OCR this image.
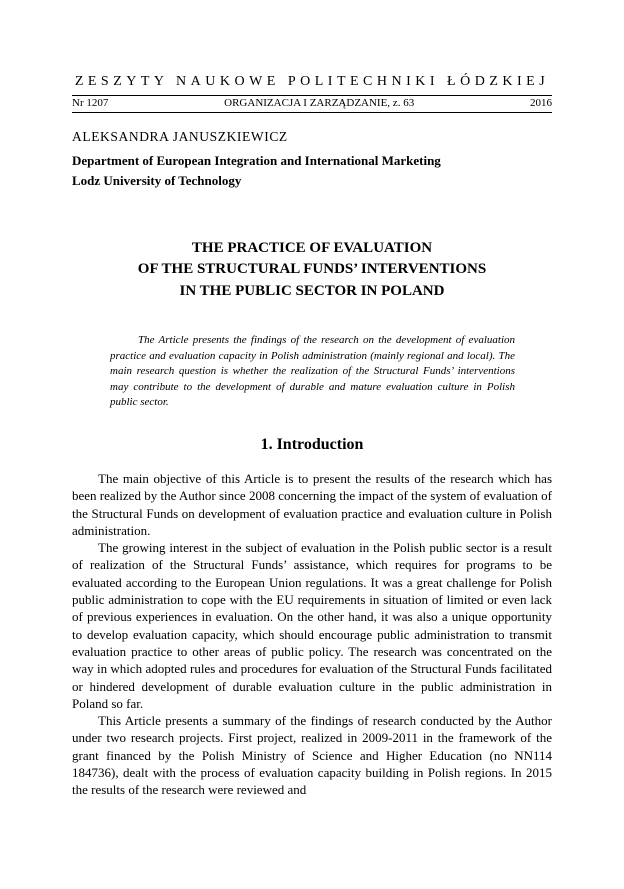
ZESZYTY NAUKOWE POLITECHNIKI ŁÓDZKIEJ
Nr 1207	ORGANIZACJA I ZARZĄDZANIE, z. 63	2016
ALEKSANDRA JANUSZKIEWICZ
Department of European Integration and International Marketing
Lodz University of Technology
THE PRACTICE OF EVALUATION
OF THE STRUCTURAL FUNDS’ INTERVENTIONS
IN THE PUBLIC SECTOR IN POLAND

The Article presents the findings of the research on the development of evaluation practice and evaluation capacity in Polish administration (mainly regional and local). The main research question is whether the realization of the Structural Funds’ interventions may contribute to the development of durable and mature evaluation culture in Polish public sector.

1. Introduction

The main objective of this Article is to present the results of the research which has been realized by the Author since 2008 concerning the impact of the system of evaluation of the Structural Funds on development of evaluation practice and evaluation culture in Polish administration.

The growing interest in the subject of evaluation in the Polish public sector is a result of realization of the Structural Funds’ assistance, which requires for programs to be evaluated according to the European Union regulations. It was a great challenge for Polish public administration to cope with the EU requirements in situation of limited or even lack of previous experiences in evaluation. On the other hand, it was also a unique opportunity to develop evaluation capacity, which should encourage public administration to transmit evaluation practice to other areas of public policy. The research was concentrated on the way in which adopted rules and procedures for evaluation of the Structural Funds facilitated or hindered development of durable evaluation culture in the public administration in Poland so far.

This Article presents a summary of the findings of research conducted by the Author under two research projects. First project, realized in 2009-2011 in the framework of the grant financed by the Polish Ministry of Science and Higher Education (no NN114 184736), dealt with the process of evaluation capacity building in Polish regions. In 2015 the results of the research were reviewed and
